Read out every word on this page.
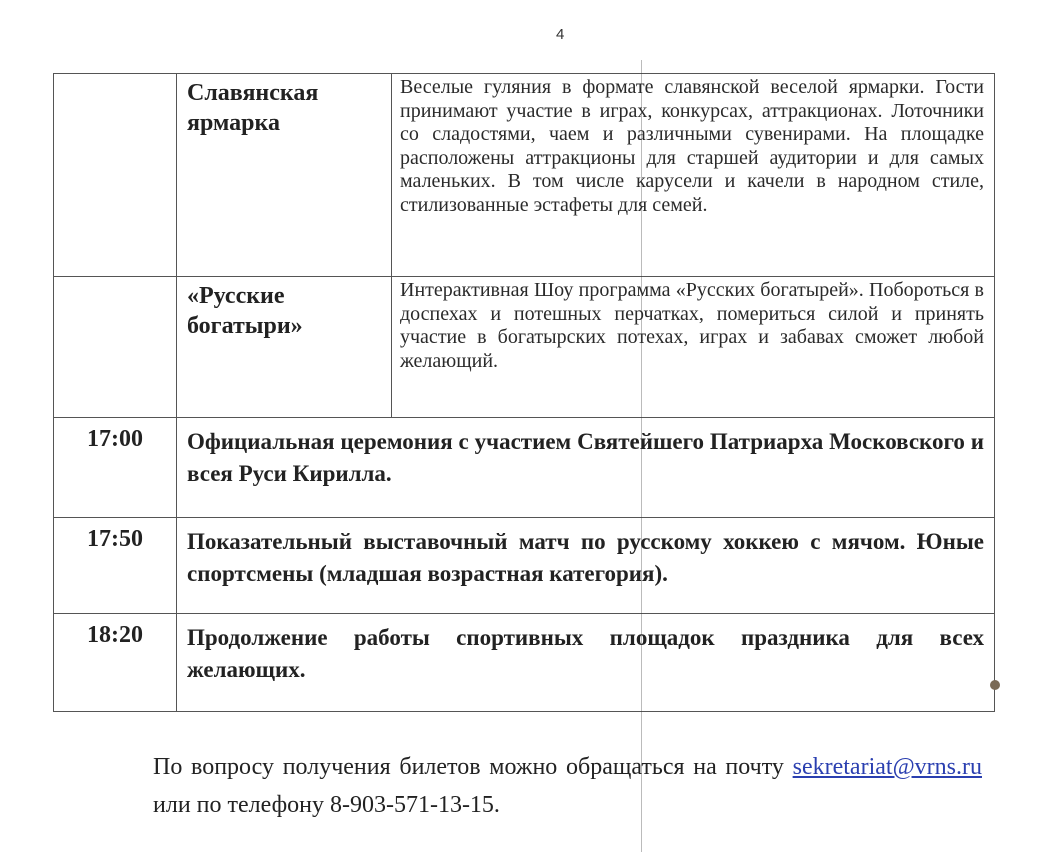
4

	Славянская
ярмарка	Веселые гуляния в формате славянской веселой ярмарки. Гости принимают участие в играх, конкурсах, аттракционах. Лоточники со сладостями, чаем и различными сувенирами. На площадке расположены аттракционы для старшей аудитории и для самых маленьких. В том числе карусели и качели в народном стиле, стилизованные эстафеты для семей.

	«Русские
богатыри»	Интерактивная Шоу программа «Русских богатырей». Побороться в доспехах и потешных перчатках, помериться силой и принять участие в богатырских потехах, играх и забавах сможет любой желающий.

17:00	Официальная церемония с участием Святейшего Патриарха Московского и всея Руси Кирилла.	

17:50	Показательный выставочный матч по русскому хоккею с мячом. Юные спортсмены (младшая возрастная категория).	

18:20	Продолжение работы спортивных площадок праздника для всех желающих.	
По вопросу получения билетов можно обращаться на почту sekretariat@vrns.ru или по телефону 8-903-571-13-15.
